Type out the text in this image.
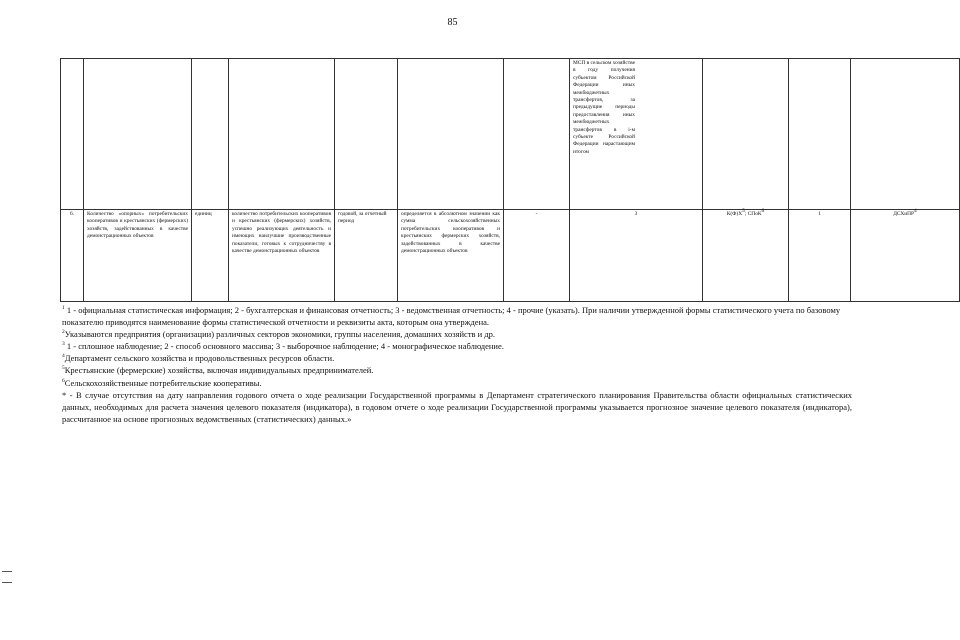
85

							МСП в сельском хозяйстве в году получения субъектом Российской Федерации иных межбюджетных трансфертов, за предыдущие периоды предоставления иных межбюджетных трансфертов в i-м субъекте Российской Федерации нарастающим итогом			

6.	Количество «опорных» потребительских кооперативов и крестьянских (фермерских) хозяйств, задействованных в качестве демонстрационных объектов	единиц	количество потребительских кооперативов и крестьянских (фермерских) хозяйств, успешно реализующих деятельность и имеющих наилучшие производственные показатели, готовых к сотрудничеству в качестве демонстрационных объектов	годовой, за отчетный период	определяется в абсолютном значении как сумма сельскохозяйственных потребительских кооперативов и крестьянских фермерских хозяйств, задействованных в качестве демонстрационных объектов	-	3	К(Ф)Х$^5$; СПоК$^6$	1	ДСХиПР$^4$

$^1$ 1 - официальная статистическая информация; 2 - бухгалтерская и финансовая отчетность; 3 - ведомственная отчетность; 4 - прочие (указать). При наличии утвержденной формы статистического учета по базовому показателю приводятся наименование формы статистической отчетности и реквизиты акта, которым она утверждена.

$^2$Указываются предприятия (организации) различных секторов экономики, группы населения, домашних хозяйств и др.

$^3$ 1 - сплошное наблюдение; 2 - способ основного массива; 3 - выборочное наблюдение; 4 - монографическое наблюдение.

$^4$Департамент сельского хозяйства и продовольственных ресурсов области.

$^5$Крестьянские (фермерские) хозяйства, включая индивидуальных предпринимателей.

$^6$Сельскохозяйственные потребительские кооперативы.

* - В случае отсутствия на дату направления годового отчета о ходе реализации Государственной программы в Департамент стратегического планирования Правительства области официальных статистических данных, необходимых для расчета значения целевого показателя (индикатора), в годовом отчете о ходе реализации Государственной программы указывается прогнозное значение целевого показателя (индикатора), рассчитанное на основе прогнозных ведомственных (статистических) данных.»
